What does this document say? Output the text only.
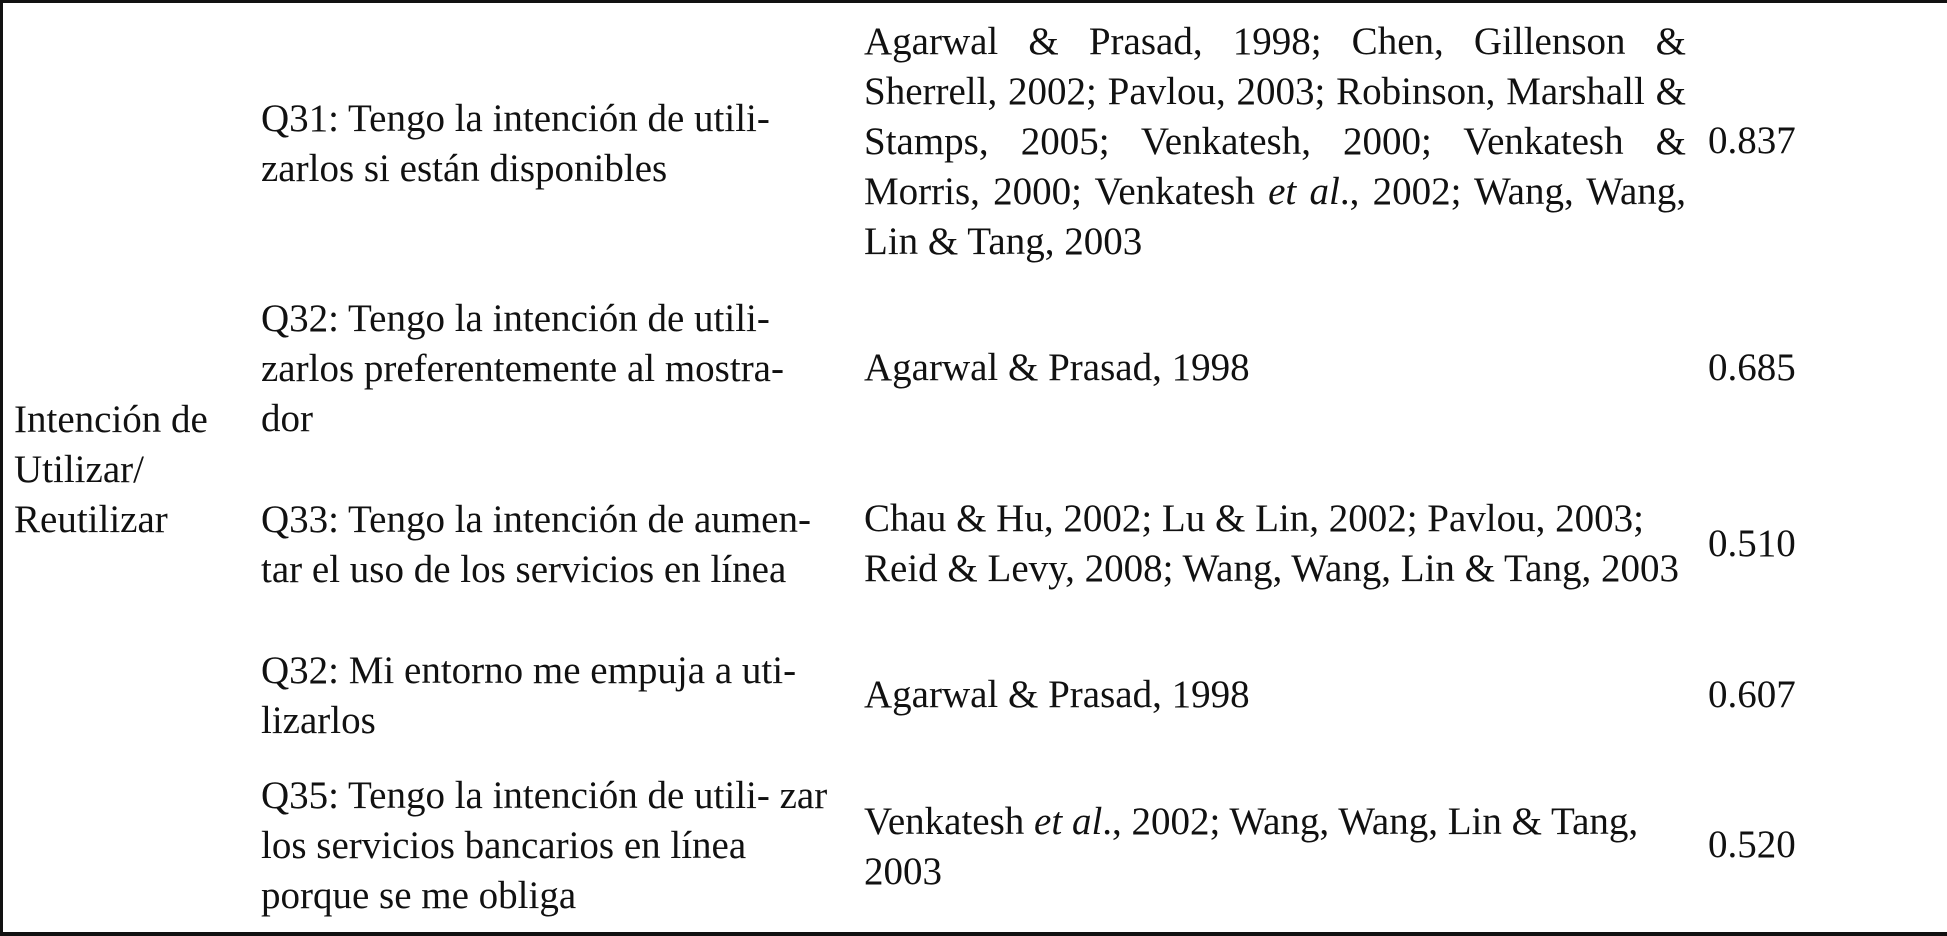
Intención de Utilizar/ Reutilizar
Q31: Tengo la intención de utili- zarlos si están disponibles
Agarwal & Prasad, 1998; Chen, Gillenson & Sherrell, 2002; Pavlou, 2003; Robinson, Marshall & Stamps, 2005; Venkatesh, 2000; Venkatesh & Morris, 2000; Venkatesh et al., 2002; Wang, Wang, Lin & Tang, 2003
0.837
Q32: Tengo la intención de utili- zarlos preferentemente al mostra- dor
Agarwal & Prasad, 1998	0.685
Q33: Tengo la intención de aumen- tar el uso de los servicios en línea
Chau & Hu, 2002; Lu & Lin, 2002; Pavlou, 2003; Reid & Levy, 2008; Wang, Wang, Lin & Tang, 2003
0.510
Q32: Mi entorno me empuja a uti- lizarlos
Agarwal & Prasad, 1998	0.607
Q35: Tengo la intención de utili- zar los servicios bancarios en línea porque se me obliga
Venkatesh et al., 2002; Wang, Wang, Lin & Tang, 2003
0.520
